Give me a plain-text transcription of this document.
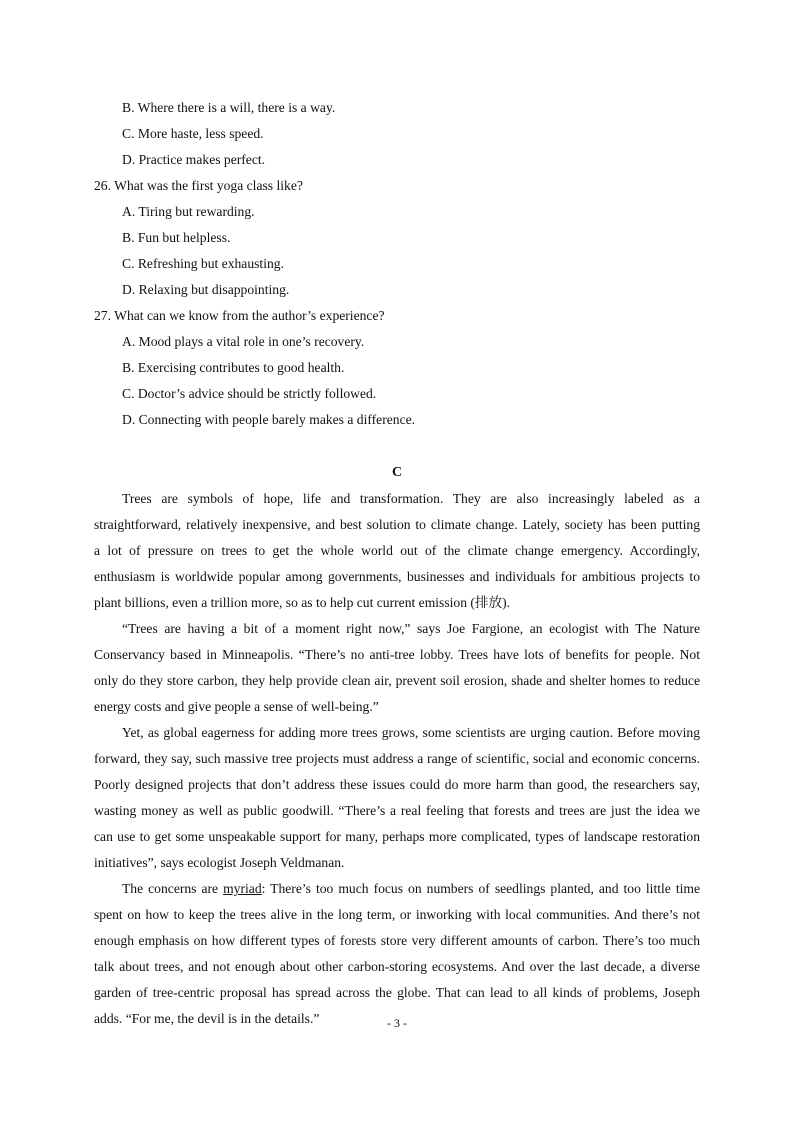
B. Where there is a will, there is a way.
C. More haste, less speed.
D. Practice makes perfect.
26. What was the first yoga class like?
A. Tiring but rewarding.
B. Fun but helpless.
C. Refreshing but exhausting.
D. Relaxing but disappointing.
27. What can we know from the author’s experience?
A. Mood plays a vital role in one’s recovery.
B. Exercising contributes to good health.
C. Doctor’s advice should be strictly followed.
D. Connecting with people barely makes a difference.
C
Trees are symbols of hope, life and transformation. They are also increasingly labeled as a
straightforward, relatively inexpensive, and best solution to climate change. Lately, society has been putting
a lot of pressure on trees to get the whole world out of the climate change emergency. Accordingly,
enthusiasm is worldwide popular among governments, businesses and individuals for ambitious projects to
plant billions, even a trillion more, so as to help cut current emission (排放).
“Trees are having a bit of a moment right now,” says Joe Fargione, an ecologist with The Nature
Conservancy based in Minneapolis. “There’s no anti-tree lobby. Trees have lots of benefits for people. Not
only do they store carbon, they help provide clean air, prevent soil erosion, shade and shelter homes to reduce
energy costs and give people a sense of well-being.”
Yet, as global eagerness for adding more trees grows, some scientists are urging caution. Before moving
forward, they say, such massive tree projects must address a range of scientific, social and economic concerns.
Poorly designed projects that don’t address these issues could do more harm than good, the researchers say,
wasting money as well as public goodwill. “There’s a real feeling that forests and trees are just the idea we
can use to get some unspeakable support for many, perhaps more complicated, types of landscape restoration
initiatives”, says ecologist Joseph Veldmanan.
The concerns are myriad: There’s too much focus on numbers of seedlings planted, and too little time
spent on how to keep the trees alive in the long term, or inworking with local communities. And there’s not
enough emphasis on how different types of forests store very different amounts of carbon. There’s too much
talk about trees, and not enough about other carbon-storing ecosystems. And over the last decade, a diverse
garden of tree-centric proposal has spread across the globe. That can lead to all kinds of problems, Joseph
adds. “For me, the devil is in the details.”	- 3 -
